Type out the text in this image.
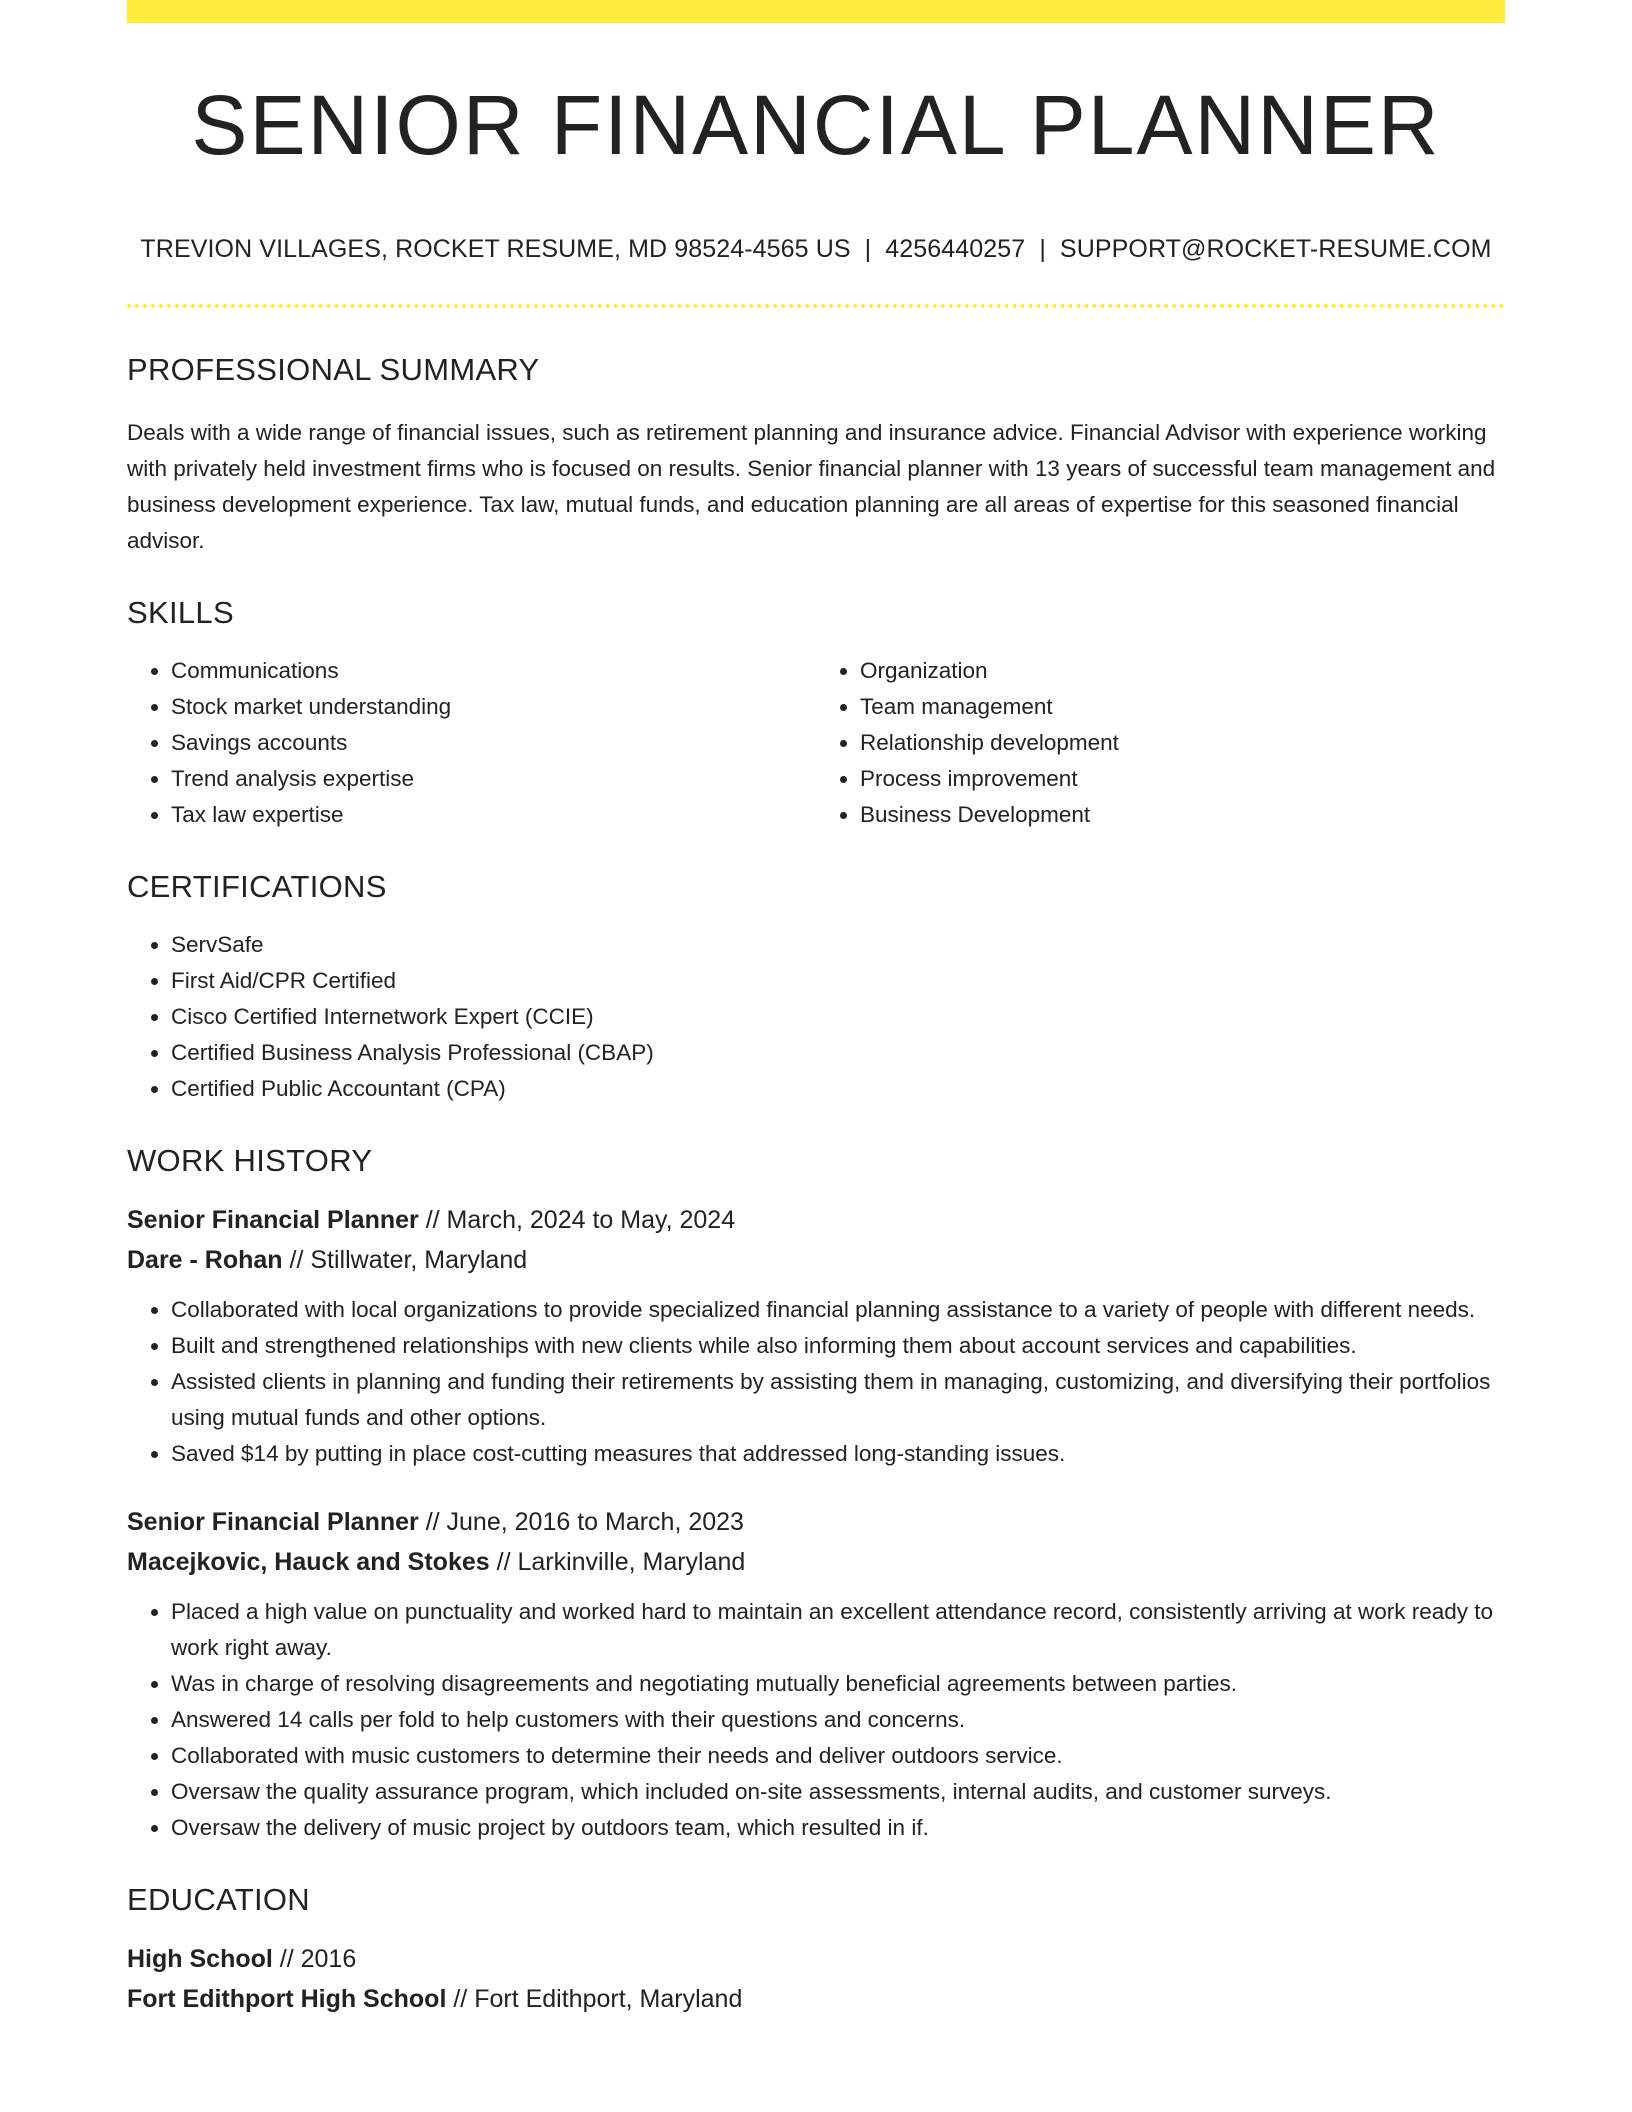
SENIOR FINANCIAL PLANNER
TREVION VILLAGES, ROCKET RESUME, MD 98524-4565 US | 4256440257 | SUPPORT@ROCKET-RESUME.COM
PROFESSIONAL SUMMARY

Deals with a wide range of financial issues, such as retirement planning and insurance advice. Financial Advisor with experience working with privately held investment firms who is focused on results. Senior financial planner with 13 years of successful team management and business development experience. Tax law, mutual funds, and education planning are all areas of expertise for this seasoned financial advisor.

SKILLS
• Communications
• Stock market understanding
• Savings accounts
• Trend analysis expertise
• Tax law expertise
• Organization
• Team management
• Relationship development
• Process improvement
• Business Development
CERTIFICATIONS
• ServSafe
• First Aid/CPR Certified
• Cisco Certified Internetwork Expert (CCIE)
• Certified Business Analysis Professional (CBAP)
• Certified Public Accountant (CPA)
WORK HISTORY
Senior Financial Planner // March, 2024 to May, 2024
Dare - Rohan // Stillwater, Maryland
• Collaborated with local organizations to provide specialized financial planning assistance to a variety of people with different needs.
• Built and strengthened relationships with new clients while also informing them about account services and capabilities.
• Assisted clients in planning and funding their retirements by assisting them in managing, customizing, and diversifying their portfolios using mutual funds and other options.
• Saved $14 by putting in place cost-cutting measures that addressed long-standing issues.
Senior Financial Planner // June, 2016 to March, 2023
Macejkovic, Hauck and Stokes // Larkinville, Maryland
• Placed a high value on punctuality and worked hard to maintain an excellent attendance record, consistently arriving at work ready to work right away.
• Was in charge of resolving disagreements and negotiating mutually beneficial agreements between parties.
• Answered 14 calls per fold to help customers with their questions and concerns.
• Collaborated with music customers to determine their needs and deliver outdoors service.
• Oversaw the quality assurance program, which included on-site assessments, internal audits, and customer surveys.
• Oversaw the delivery of music project by outdoors team, which resulted in if.
EDUCATION
High School // 2016
Fort Edithport High School // Fort Edithport, Maryland
